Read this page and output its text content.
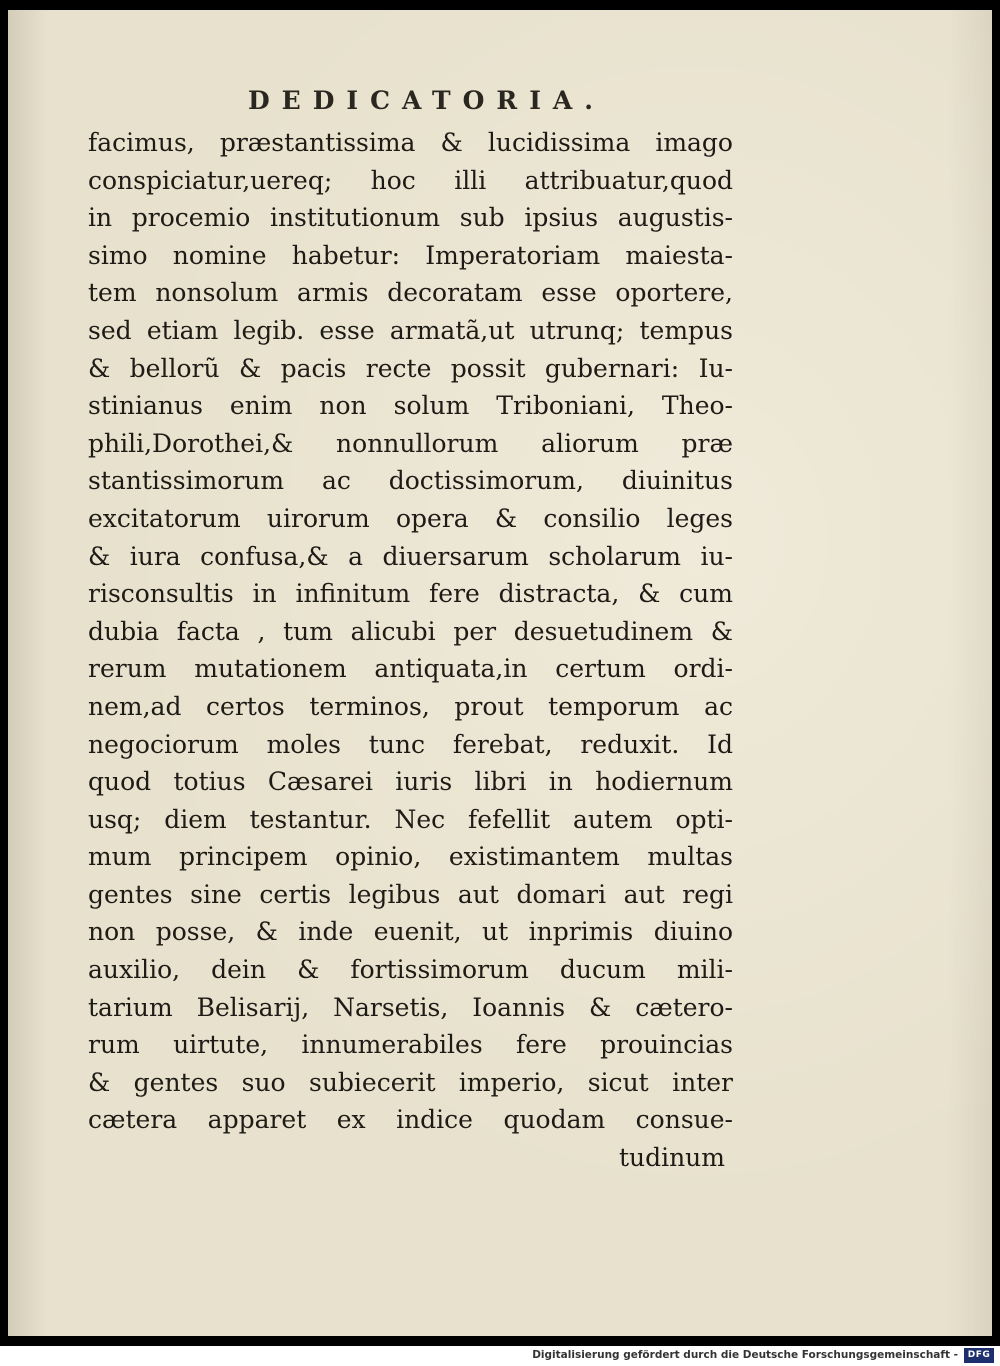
DEDICATORIA.
facimus, præstantissima & lucidissima imago
conspiciatur,uereq; hoc illi attribuatur,quod
in procemio institutionum sub ipsius augustis-
simo nomine habetur: Imperatoriam maiesta-
tem nonsolum armis decoratam esse oportere,
sed etiam legib. esse armatã,ut utrunq; tempus
& bellorũ & pacis recte possit gubernari: Iu-
stinianus enim non solum Triboniani, Theo-
phili,Dorothei,& nonnullorum aliorum præ
stantissimorum ac doctissimorum, diuinitus
excitatorum uirorum opera & consilio leges
& iura confusa,& a diuersarum scholarum iu-
risconsultis in infinitum fere distracta, & cum
dubia facta , tum alicubi per desuetudinem &
rerum mutationem antiquata,in certum ordi-
nem,ad certos terminos, prout temporum ac
negociorum moles tunc ferebat, reduxit. Id
quod totius Cæsarei iuris libri in hodiernum
usq; diem testantur. Nec fefellit autem opti-
mum principem opinio, existimantem multas
gentes sine certis legibus aut domari aut regi
non posse, & inde euenit, ut inprimis diuino
auxilio, dein & fortissimorum ducum mili-
tarium Belisarij, Narsetis, Ioannis & cætero-
rum uirtute, innumerabiles fere prouincias
& gentes suo subiecerit imperio, sicut inter
cætera apparet ex indice quodam consue-
tudinum
Digitalisierung gefördert durch die Deutsche Forschungsgemeinschaft -	DFG
